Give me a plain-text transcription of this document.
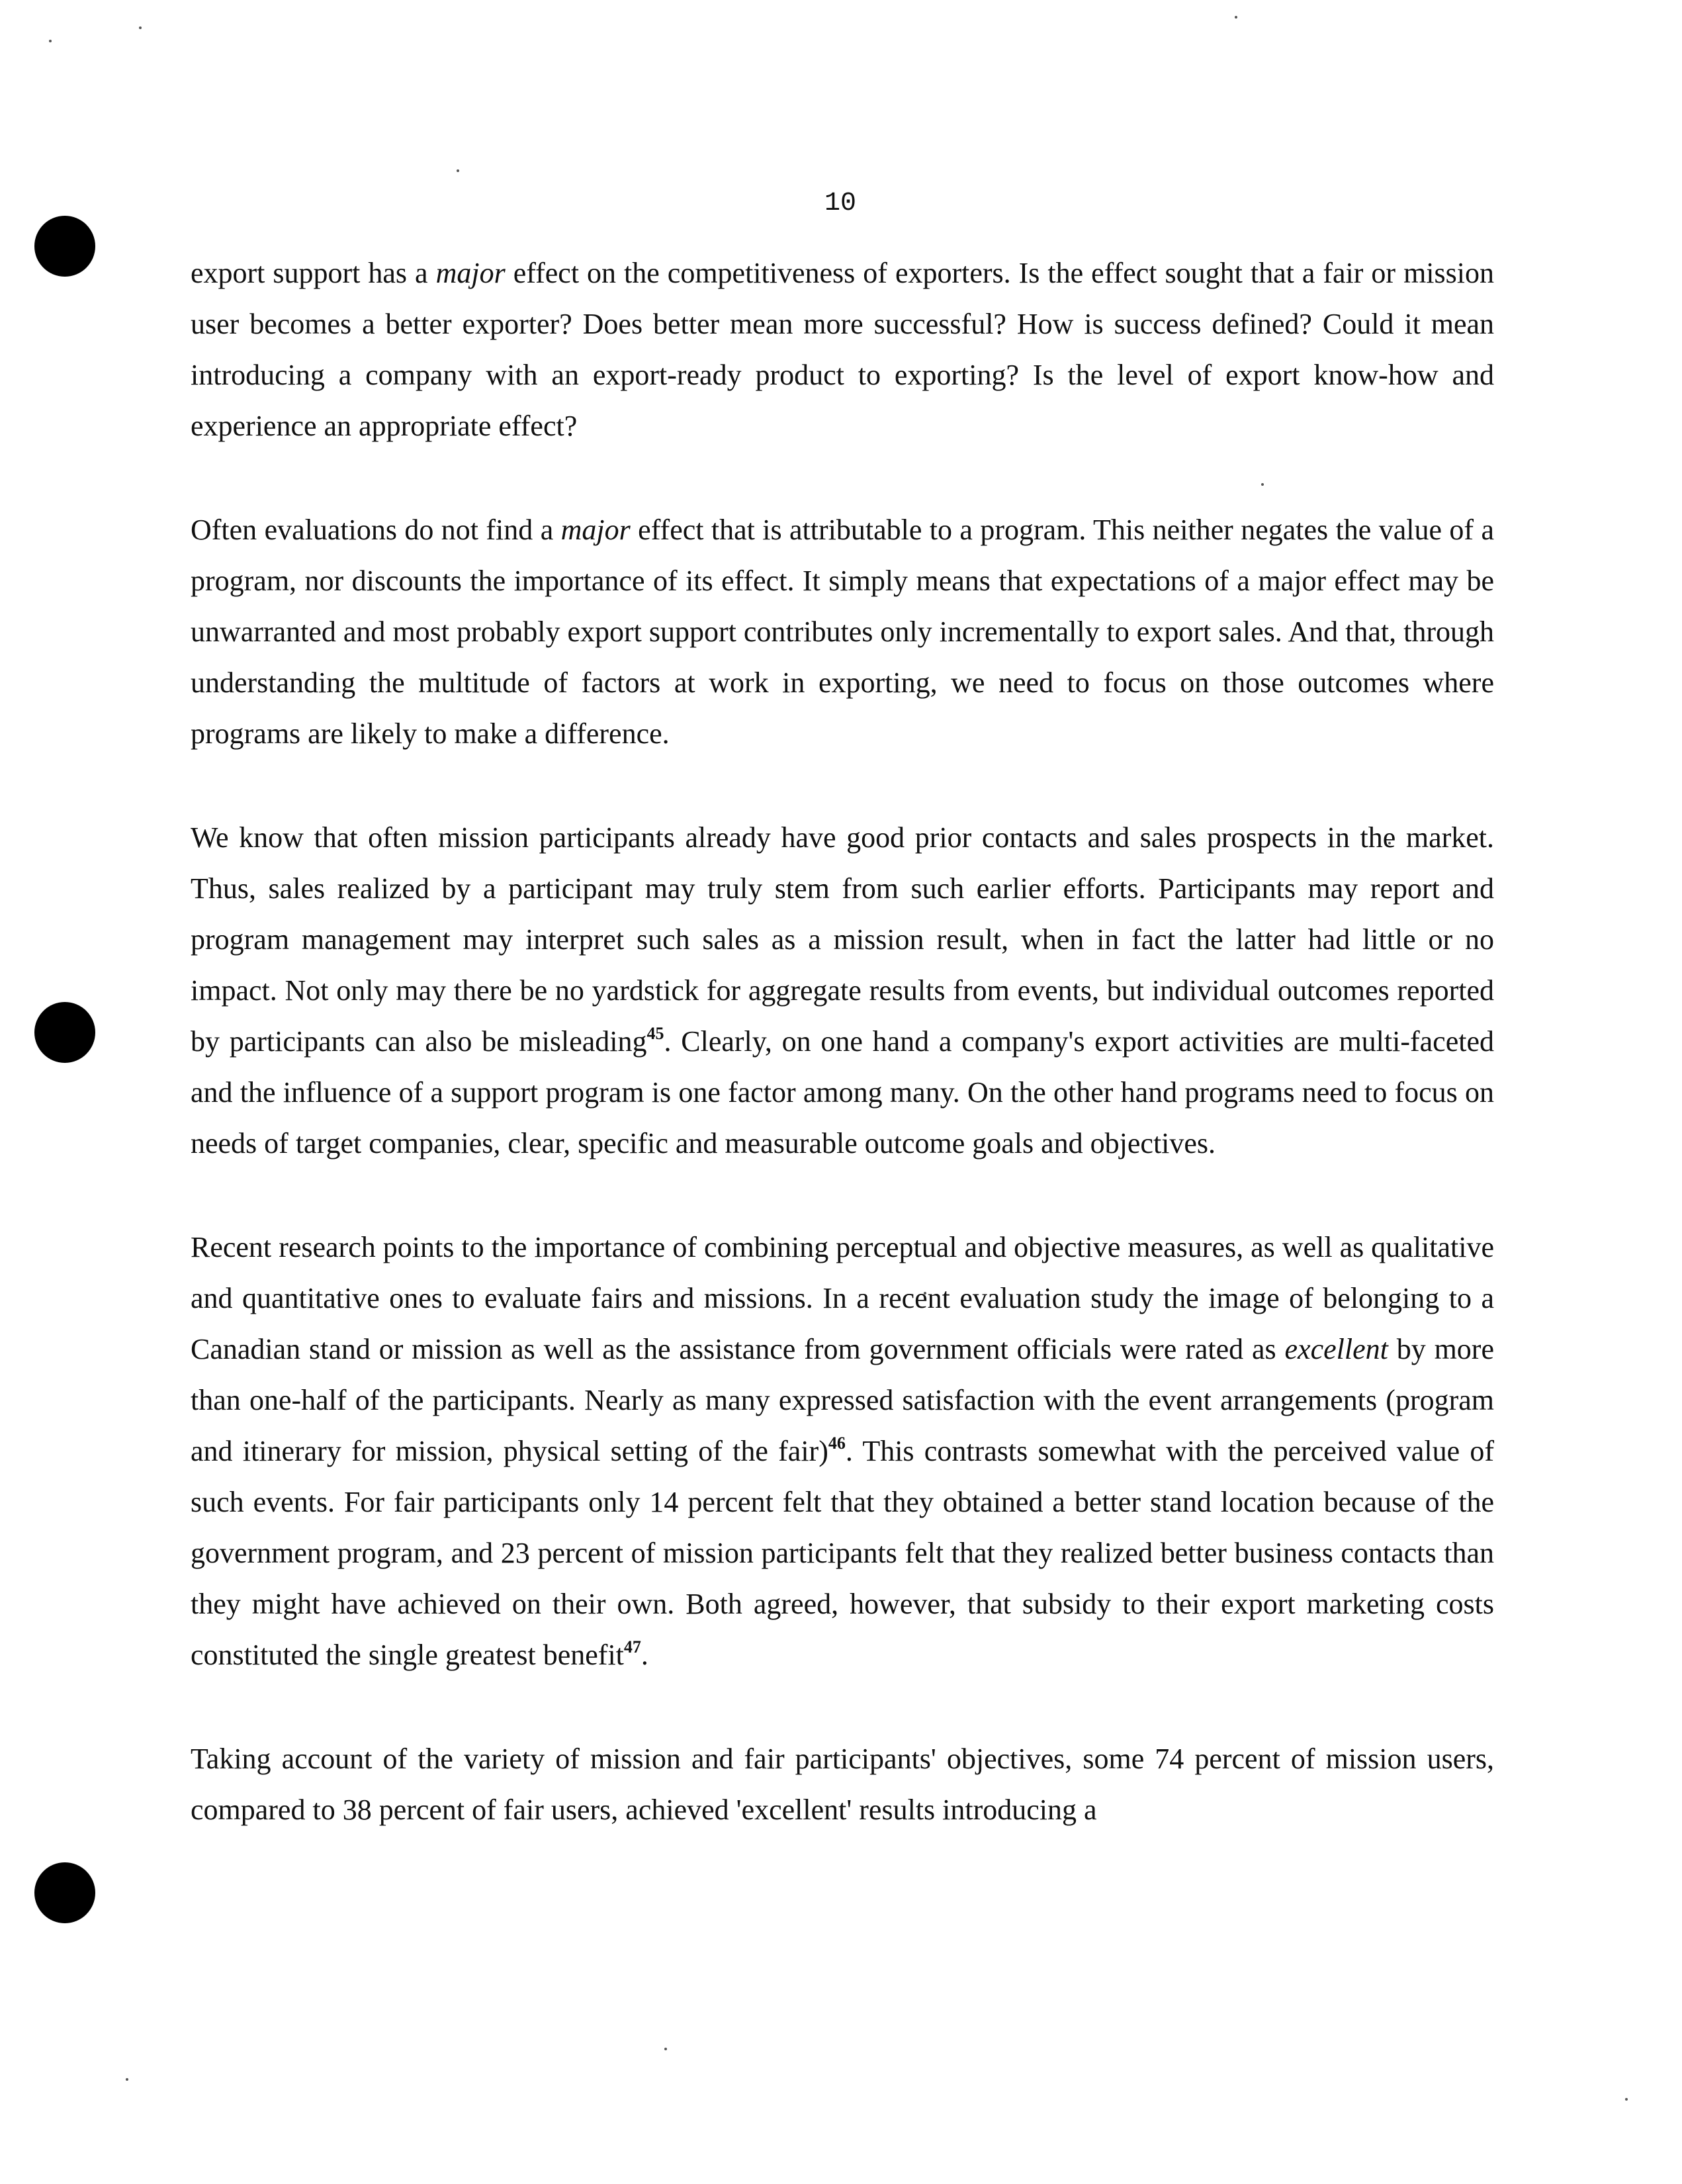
10

export support has a major effect on the competitiveness of exporters. Is the effect sought that a fair or mission user becomes a better exporter? Does better mean more successful? How is success defined? Could it mean introducing a company with an export-ready product to exporting? Is the level of export know-how and experience an appropriate effect?

Often evaluations do not find a major effect that is attributable to a program. This neither negates the value of a program, nor discounts the importance of its effect. It simply means that expectations of a major effect may be unwarranted and most probably export support contributes only incrementally to export sales. And that, through understanding the multitude of factors at work in exporting, we need to focus on those outcomes where programs are likely to make a difference.

We know that often mission participants already have good prior contacts and sales prospects in the market. Thus, sales realized by a participant may truly stem from such earlier efforts. Participants may report and program management may interpret such sales as a mission result, when in fact the latter had little or no impact. Not only may there be no yardstick for aggregate results from events, but individual outcomes reported by participants can also be misleading$^{45}$. Clearly, on one hand a company's export activities are multi-faceted and the influence of a support program is one factor among many. On the other hand programs need to focus on needs of target companies, clear, specific and measurable outcome goals and objectives.

Recent research points to the importance of combining perceptual and objective measures, as well as qualitative and quantitative ones to evaluate fairs and missions. In a recent evaluation study the image of belonging to a Canadian stand or mission as well as the assistance from government officials were rated as excellent by more than one-half of the participants. Nearly as many expressed satisfaction with the event arrangements (program and itinerary for mission, physical setting of the fair)$^{46}$. This contrasts somewhat with the perceived value of such events. For fair participants only 14 percent felt that they obtained a better stand location because of the government program, and 23 percent of mission participants felt that they realized better business contacts than they might have achieved on their own. Both agreed, however, that subsidy to their export marketing costs constituted the single greatest benefit$^{47}$.

Taking account of the variety of mission and fair participants' objectives, some 74 percent of mission users, compared to 38 percent of fair users, achieved 'excellent' results introducing a
